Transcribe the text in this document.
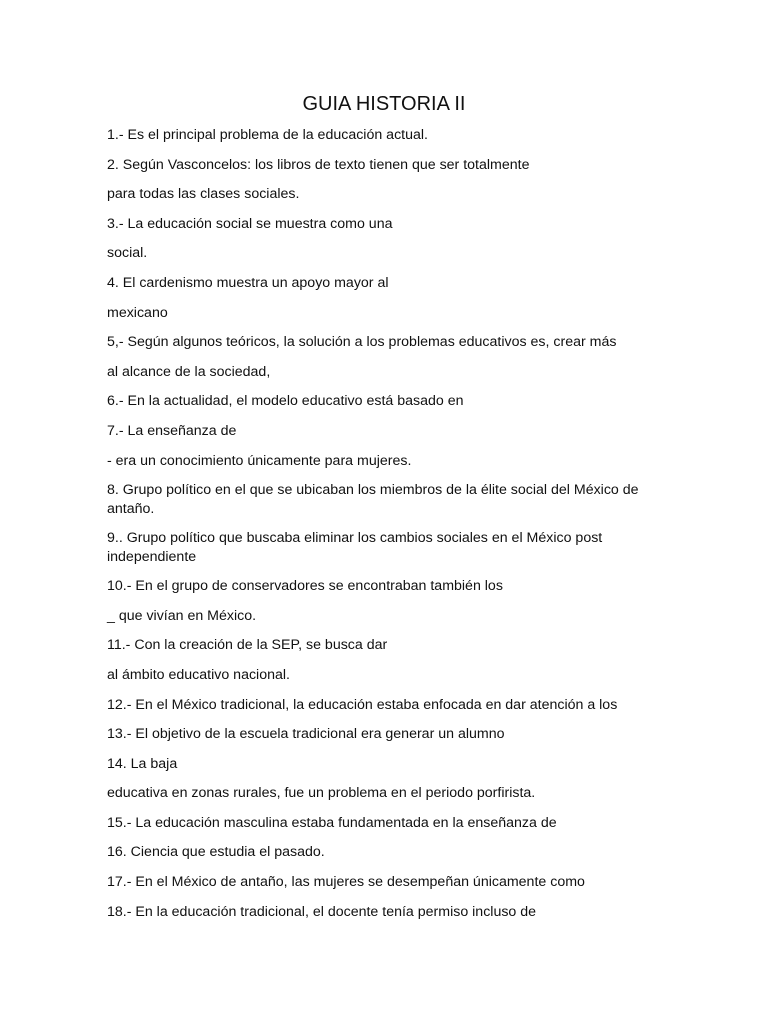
GUIA HISTORIA II
1.- Es el principal problema de la educación actual.
2. Según Vasconcelos: los libros de texto tienen que ser totalmente
para todas las clases sociales.
3.- La educación social se muestra como una
social.
4. El cardenismo muestra un apoyo mayor al
mexicano
5,- Según algunos teóricos, la solución a los problemas educativos es, crear más
al alcance de la sociedad,
6.- En la actualidad, el modelo educativo está basado en
7.- La enseñanza de
- era un conocimiento únicamente para mujeres.
8. Grupo político en el que se ubicaban los miembros de la élite social del México de antaño.
9.. Grupo político que buscaba eliminar los cambios sociales en el México post independiente
10.- En el grupo de conservadores se encontraban también los
_ que vivían en México.
11.- Con la creación de la SEP, se busca dar
al ámbito educativo nacional.
12.- En el México tradicional, la educación estaba enfocada en dar atención a los
13.- El objetivo de la escuela tradicional era generar un alumno
14. La baja
educativa en zonas rurales, fue un problema en el periodo porfirista.
15.- La educación masculina estaba fundamentada en la enseñanza de
16. Ciencia que estudia el pasado.
17.- En el México de antaño, las mujeres se desempeñan únicamente como
18.- En la educación tradicional, el docente tenía permiso incluso de
